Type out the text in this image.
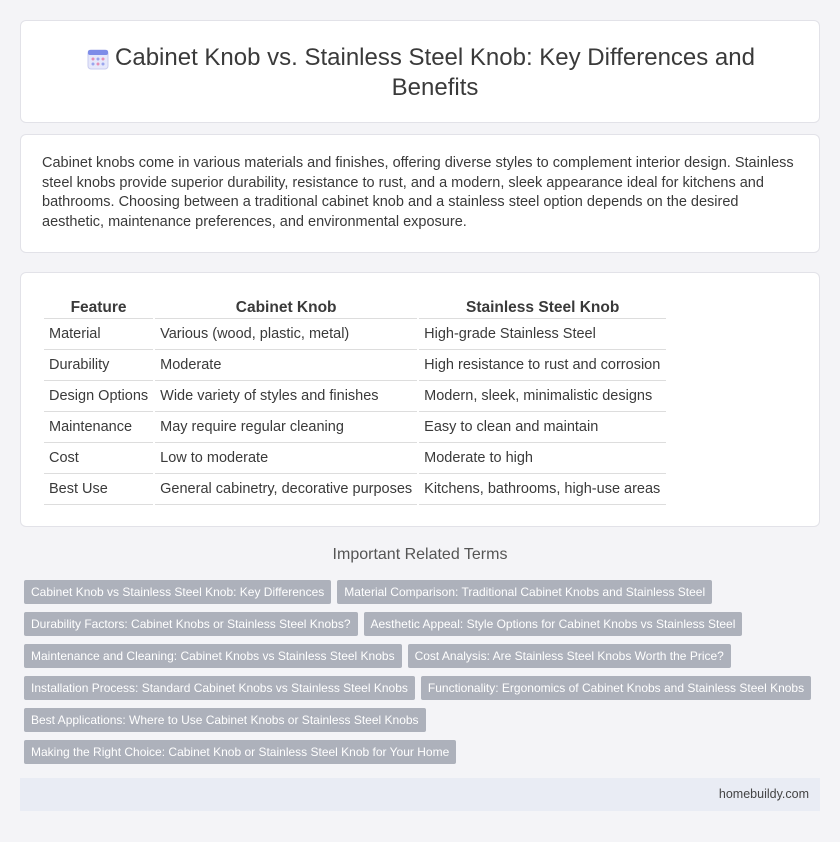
Cabinet Knob vs. Stainless Steel Knob: Key Differences and Benefits
Cabinet knobs come in various materials and finishes, offering diverse styles to complement interior design. Stainless steel knobs provide superior durability, resistance to rust, and a modern, sleek appearance ideal for kitchens and bathrooms. Choosing between a traditional cabinet knob and a stainless steel option depends on the desired aesthetic, maintenance preferences, and environmental exposure.
Feature	Cabinet Knob	Stainless Steel Knob
Material	Various (wood, plastic, metal)	High-grade Stainless Steel
Durability	Moderate	High resistance to rust and corrosion
Design Options	Wide variety of styles and finishes	Modern, sleek, minimalistic designs
Maintenance	May require regular cleaning	Easy to clean and maintain
Cost	Low to moderate	Moderate to high
Best Use	General cabinetry, decorative purposes	Kitchens, bathrooms, high-use areas
Important Related Terms
Cabinet Knob vs Stainless Steel Knob: Key Differences Material Comparison: Traditional Cabinet Knobs and Stainless Steel
Durability Factors: Cabinet Knobs or Stainless Steel Knobs? Aesthetic Appeal: Style Options for Cabinet Knobs vs Stainless Steel
Maintenance and Cleaning: Cabinet Knobs vs Stainless Steel Knobs Cost Analysis: Are Stainless Steel Knobs Worth the Price?
Installation Process: Standard Cabinet Knobs vs Stainless Steel Knobs Functionality: Ergonomics of Cabinet Knobs and Stainless Steel Knobs
Best Applications: Where to Use Cabinet Knobs or Stainless Steel Knobs
Making the Right Choice: Cabinet Knob or Stainless Steel Knob for Your Home
homebuildy.com
